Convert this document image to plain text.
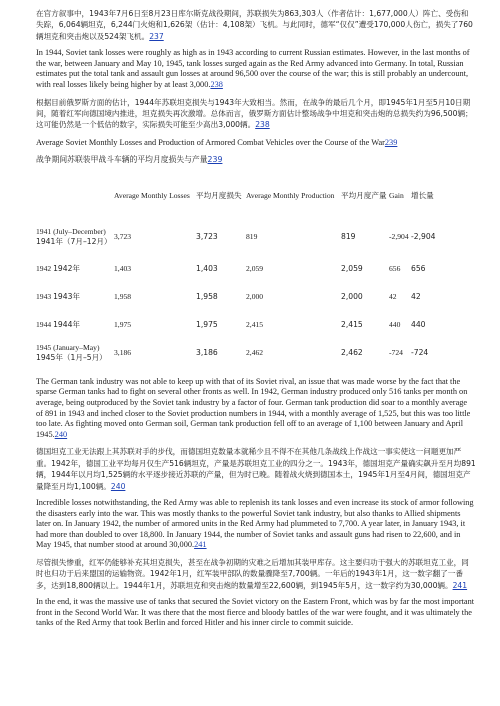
在官方叙事中，1943年7月6日至8月23日库尔斯克战役期间，苏联损失为863,303人（作者估计：1,677,000人）阵亡、受伤和失踪，6,064辆坦克，6,244门火炮和1,626架（估计：4,108架）飞机。与此同时，德军“仅仅”遭受170,000人伤亡，损失了760辆坦克和突击炮以及524架飞机。237

In 1944, Soviet tank losses were roughly as high as in 1943 according to current Russian estimates. However, in the last months of the war, between January and May 10, 1945, tank losses surged again as the Red Army advanced into Germany. In total, Russian estimates put the total tank and assault gun losses at around 96,500 over the course of the war; this is still probably an undercount, with real losses likely being higher by at least 3,000.238

根据目前俄罗斯方面的估计，1944年苏联坦克损失与1943年大致相当。然而，在战争的最后几个月，即1945年1月至5月10日期间，随着红军向德国境内推进，坦克损失再次激增。总体而言，俄罗斯方面估计整场战争中坦克和突击炮的总损失约为96,500辆；这可能仍然是一个低估的数字，实际损失可能至少高出3,000辆。238

Average Soviet Monthly Losses and Production of Armored Combat Vehicles over the Course of the War239

战争期间苏联装甲战斗车辆的平均月度损失与产量239

	Average Monthly Losses	平均月度损失	Average Monthly Production	平均月度产量	Gain	增长量
1941 (July–December) 1941年（7月–12月）	3,723	3,723	819	819	-2,904	-2,904
1942 1942年	1,403	1,403	2,059	2,059	656	656
1943 1943年	1,958	1,958	2,000	2,000	42	42
1944 1944年	1,975	1,975	2,415	2,415	440	440
1945 (January–May) 1945年（1月–5月）	3,186	3,186	2,462	2,462	-724	-724

The German tank industry was not able to keep up with that of its Soviet rival, an issue that was made worse by the fact that the sparse German tanks had to fight on several other fronts as well. In 1942, German industry produced only 516 tanks per month on average, being outproduced by the Soviet tank industry by a factor of four. German tank production did soar to a monthly average of 891 in 1943 and inched closer to the Soviet production numbers in 1944, with a monthly average of 1,525, but this was too little too late. As fighting moved onto German soil, German tank production fell off to an average of 1,100 between January and April 1945.240

德国坦克工业无法跟上其苏联对手的步伐，而德国坦克数量本就稀少且不得不在其他几条战线上作战这一事实使这一问题更加严重。1942年，德国工业平均每月仅生产516辆坦克，产量是苏联坦克工业的四分之一。1943年，德国坦克产量确实飙升至月均891辆，1944年以月均1,525辆的水平逐步接近苏联的产量，但为时已晚。随着战火烧到德国本土，1945年1月至4月间，德国坦克产量降至月均1,100辆。240

Incredible losses notwithstanding, the Red Army was able to replenish its tank losses and even increase its stock of armor following the disasters early into the war. This was mostly thanks to the powerful Soviet tank industry, but also thanks to Allied shipments later on. In January 1942, the number of armored units in the Red Army had plummeted to 7,700. A year later, in January 1943, it had more than doubled to over 18,800. In January 1944, the number of Soviet tanks and assault guns had risen to 22,600, and in May 1945, that number stood at around 30,000.241

尽管损失惨重，红军仍能够补充其坦克损失，甚至在战争初期的灾难之后增加其装甲库存。这主要归功于强大的苏联坦克工业，同时也归功于后来盟国的运输物资。1942年1月，红军装甲部队的数量骤降至7,700辆。一年后的1943年1月，这一数字翻了一番多，达到18,800辆以上。1944年1月，苏联坦克和突击炮的数量增至22,600辆，到1945年5月，这一数字约为30,000辆。241

In the end, it was the massive use of tanks that secured the Soviet victory on the Eastern Front, which was by far the most important front in the Second World War. It was there that the most fierce and bloody battles of the war were fought, and it was ultimately the tanks of the Red Army that took Berlin and forced Hitler and his inner circle to commit suicide.
